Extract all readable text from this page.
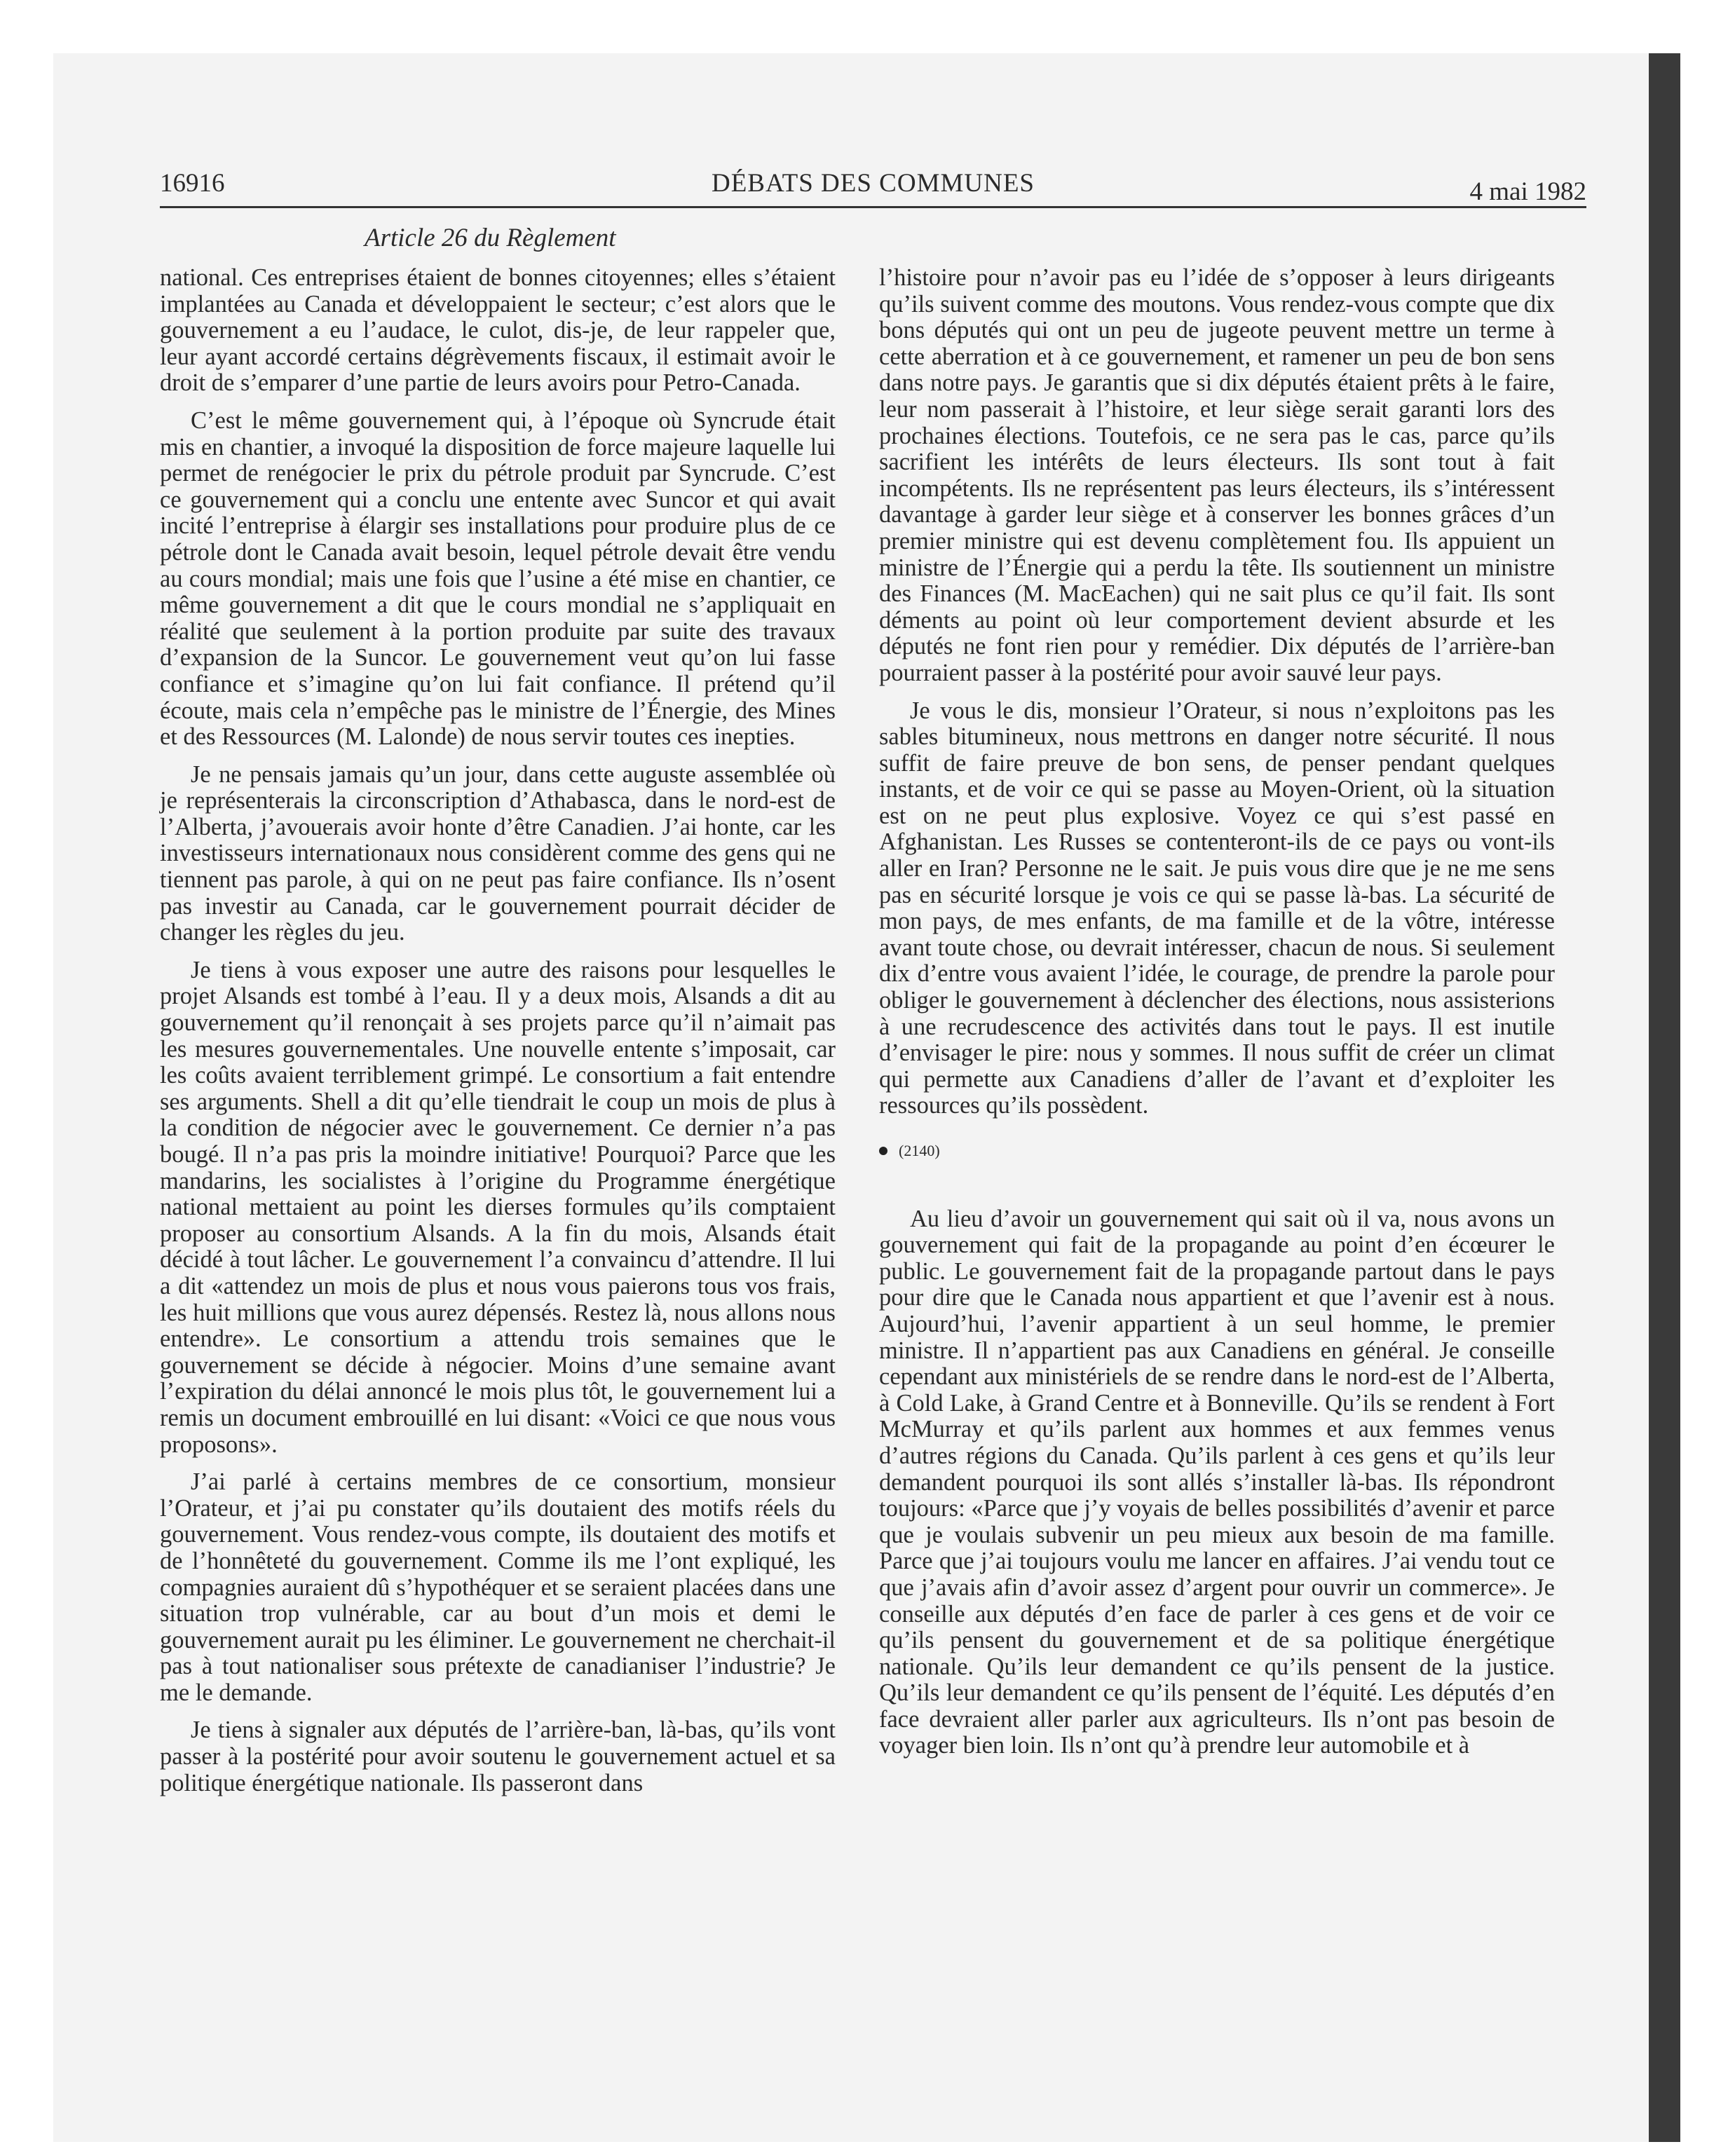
16916	DÉBATS DES COMMUNES	4 mai 1982
Article 26 du Règlement

national. Ces entreprises étaient de bonnes citoyennes; elles s’étaient implantées au Canada et développaient le secteur; c’est alors que le gouvernement a eu l’audace, le culot, dis-je, de leur rappeler que, leur ayant accordé certains dégrèvements fiscaux, il estimait avoir le droit de s’emparer d’une partie de leurs avoirs pour Petro-Canada.

C’est le même gouvernement qui, à l’époque où Syncrude était mis en chantier, a invoqué la disposition de force majeure laquelle lui permet de renégocier le prix du pétrole produit par Syncrude. C’est ce gouvernement qui a conclu une entente avec Suncor et qui avait incité l’entreprise à élargir ses installations pour produire plus de ce pétrole dont le Canada avait besoin, lequel pétrole devait être vendu au cours mondial; mais une fois que l’usine a été mise en chantier, ce même gouvernement a dit que le cours mondial ne s’appliquait en réalité que seulement à la portion produite par suite des travaux d’expansion de la Suncor. Le gouvernement veut qu’on lui fasse confiance et s’imagine qu’on lui fait confiance. Il prétend qu’il écoute, mais cela n’empêche pas le ministre de l’Énergie, des Mines et des Ressources (M. Lalonde) de nous servir toutes ces inepties.

Je ne pensais jamais qu’un jour, dans cette auguste assemblée où je représenterais la circonscription d’Athabasca, dans le nord-est de l’Alberta, j’avouerais avoir honte d’être Canadien. J’ai honte, car les investisseurs internationaux nous considèrent comme des gens qui ne tiennent pas parole, à qui on ne peut pas faire confiance. Ils n’osent pas investir au Canada, car le gouvernement pourrait décider de changer les règles du jeu.

Je tiens à vous exposer une autre des raisons pour lesquelles le projet Alsands est tombé à l’eau. Il y a deux mois, Alsands a dit au gouvernement qu’il renonçait à ses projets parce qu’il n’aimait pas les mesures gouvernementales. Une nouvelle entente s’imposait, car les coûts avaient terriblement grimpé. Le consortium a fait entendre ses arguments. Shell a dit qu’elle tiendrait le coup un mois de plus à la condition de négocier avec le gouvernement. Ce dernier n’a pas bougé. Il n’a pas pris la moindre initiative! Pourquoi? Parce que les mandarins, les socialistes à l’origine du Programme énergétique national mettaient au point les dierses formules qu’ils comptaient proposer au consortium Alsands. A la fin du mois, Alsands était décidé à tout lâcher. Le gouvernement l’a convaincu d’attendre. Il lui a dit «attendez un mois de plus et nous vous paierons tous vos frais, les huit millions que vous aurez dépensés. Restez là, nous allons nous entendre». Le consortium a attendu trois semaines que le gouvernement se décide à négocier. Moins d’une semaine avant l’expiration du délai annoncé le mois plus tôt, le gouvernement lui a remis un document embrouillé en lui disant: «Voici ce que nous vous proposons».

J’ai parlé à certains membres de ce consortium, monsieur l’Orateur, et j’ai pu constater qu’ils doutaient des motifs réels du gouvernement. Vous rendez-vous compte, ils doutaient des motifs et de l’honnêteté du gouvernement. Comme ils me l’ont expliqué, les compagnies auraient dû s’hypothéquer et se seraient placées dans une situation trop vulnérable, car au bout d’un mois et demi le gouvernement aurait pu les éliminer. Le gouvernement ne cherchait-il pas à tout nationaliser sous prétexte de canadianiser l’industrie? Je me le demande.

Je tiens à signaler aux députés de l’arrière-ban, là-bas, qu’ils vont passer à la postérité pour avoir soutenu le gouvernement actuel et sa politique énergétique nationale. Ils passeront dans

l’histoire pour n’avoir pas eu l’idée de s’opposer à leurs dirigeants qu’ils suivent comme des moutons. Vous rendez-vous compte que dix bons députés qui ont un peu de jugeote peuvent mettre un terme à cette aberration et à ce gouvernement, et ramener un peu de bon sens dans notre pays. Je garantis que si dix députés étaient prêts à le faire, leur nom passerait à l’histoire, et leur siège serait garanti lors des prochaines élections. Toutefois, ce ne sera pas le cas, parce qu’ils sacrifient les intérêts de leurs électeurs. Ils sont tout à fait incompétents. Ils ne représentent pas leurs électeurs, ils s’intéressent davantage à garder leur siège et à conserver les bonnes grâces d’un premier ministre qui est devenu complètement fou. Ils appuient un ministre de l’Énergie qui a perdu la tête. Ils soutiennent un ministre des Finances (M. MacEachen) qui ne sait plus ce qu’il fait. Ils sont déments au point où leur comportement devient absurde et les députés ne font rien pour y remédier. Dix députés de l’arrière-ban pourraient passer à la postérité pour avoir sauvé leur pays.

Je vous le dis, monsieur l’Orateur, si nous n’exploitons pas les sables bitumineux, nous mettrons en danger notre sécurité. Il nous suffit de faire preuve de bon sens, de penser pendant quelques instants, et de voir ce qui se passe au Moyen-Orient, où la situation est on ne peut plus explosive. Voyez ce qui s’est passé en Afghanistan. Les Russes se contenteront-ils de ce pays ou vont-ils aller en Iran? Personne ne le sait. Je puis vous dire que je ne me sens pas en sécurité lorsque je vois ce qui se passe là-bas. La sécurité de mon pays, de mes enfants, de ma famille et de la vôtre, intéresse avant toute chose, ou devrait intéresser, chacun de nous. Si seulement dix d’entre vous avaient l’idée, le courage, de prendre la parole pour obliger le gouvernement à déclencher des élections, nous assisterions à une recrudescence des activités dans tout le pays. Il est inutile d’envisager le pire: nous y sommes. Il nous suffit de créer un climat qui permette aux Canadiens d’aller de l’avant et d’exploiter les ressources qu’ils possèdent.

(2140)

Au lieu d’avoir un gouvernement qui sait où il va, nous avons un gouvernement qui fait de la propagande au point d’en écœurer le public. Le gouvernement fait de la propagande partout dans le pays pour dire que le Canada nous appartient et que l’avenir est à nous. Aujourd’hui, l’avenir appartient à un seul homme, le premier ministre. Il n’appartient pas aux Canadiens en général. Je conseille cependant aux ministériels de se rendre dans le nord-est de l’Alberta, à Cold Lake, à Grand Centre et à Bonneville. Qu’ils se rendent à Fort McMurray et qu’ils parlent aux hommes et aux femmes venus d’autres régions du Canada. Qu’ils parlent à ces gens et qu’ils leur demandent pourquoi ils sont allés s’installer là-bas. Ils répondront toujours: «Parce que j’y voyais de belles possibilités d’avenir et parce que je voulais subvenir un peu mieux aux besoin de ma famille. Parce que j’ai toujours voulu me lancer en affaires. J’ai vendu tout ce que j’avais afin d’avoir assez d’argent pour ouvrir un commerce». Je conseille aux députés d’en face de parler à ces gens et de voir ce qu’ils pensent du gouvernement et de sa politique énergétique nationale. Qu’ils leur demandent ce qu’ils pensent de la justice. Qu’ils leur demandent ce qu’ils pensent de l’équité. Les députés d’en face devraient aller parler aux agriculteurs. Ils n’ont pas besoin de voyager bien loin. Ils n’ont qu’à prendre leur automobile et à
